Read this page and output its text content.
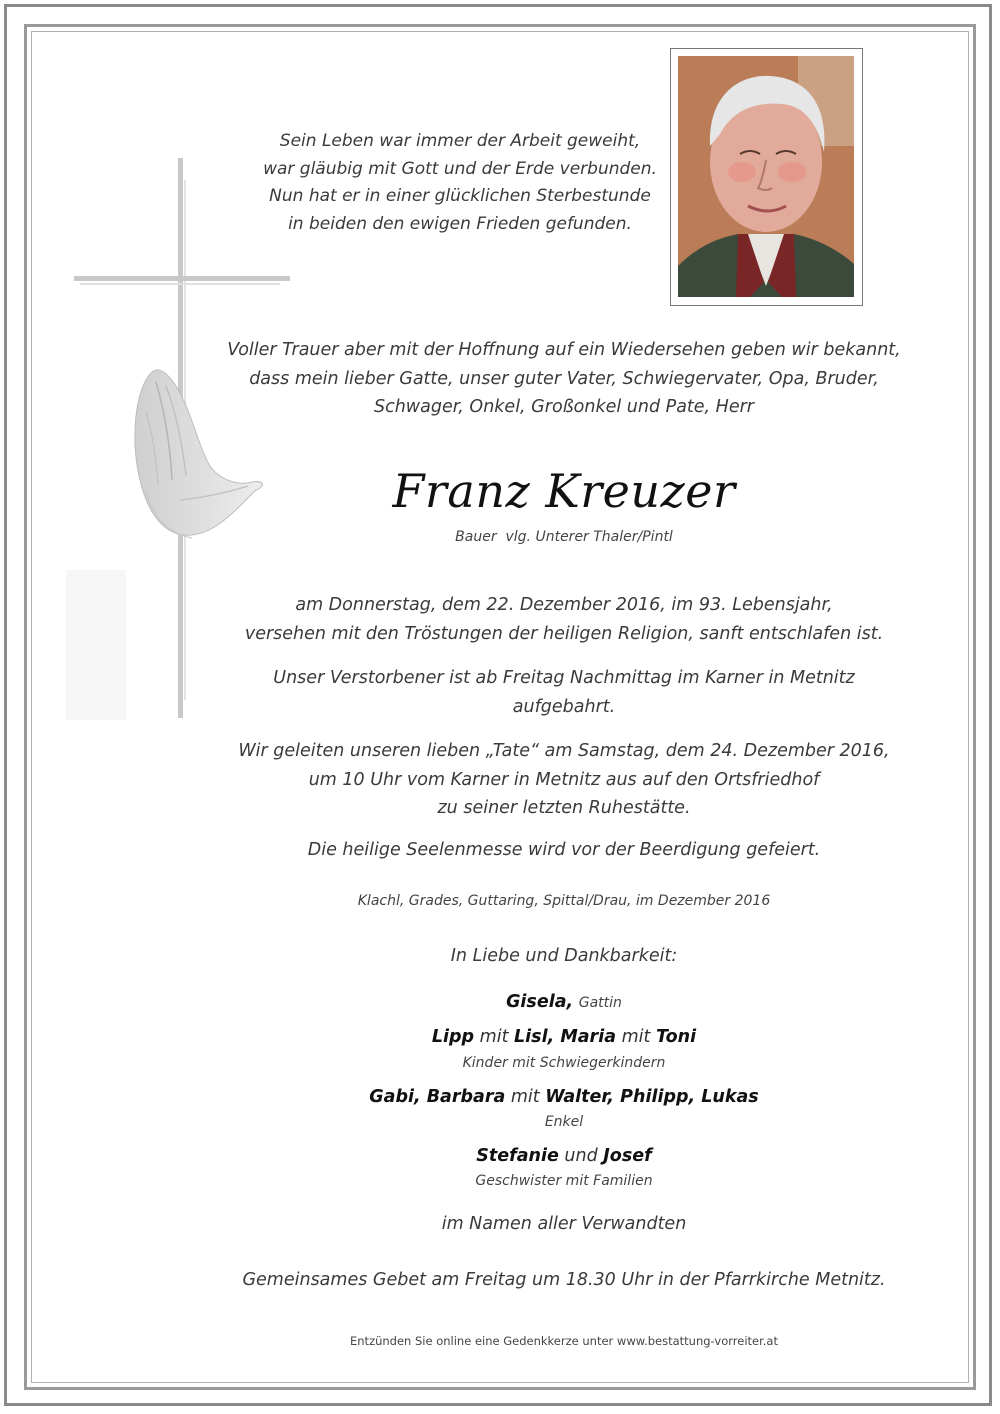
Sein Leben war immer der Arbeit geweiht,
war gläubig mit Gott und der Erde verbunden.
Nun hat er in einer glücklichen Sterbestunde
in beiden den ewigen Frieden gefunden.
Voller Trauer aber mit der Hoffnung auf ein Wiedersehen geben wir bekannt,
dass mein lieber Gatte, unser guter Vater, Schwiegervater, Opa, Bruder,
Schwager, Onkel, Großonkel und Pate, Herr
Franz Kreuzer
Bauer  vlg. Unterer Thaler/Pintl
am Donnerstag, dem 22. Dezember 2016, im 93. Lebensjahr,
versehen mit den Tröstungen der heiligen Religion, sanft entschlafen ist.
Unser Verstorbener ist ab Freitag Nachmittag im Karner in Metnitz
aufgebahrt.
Wir geleiten unseren lieben „Tate“ am Samstag, dem 24. Dezember 2016,
um 10 Uhr vom Karner in Metnitz aus auf den Ortsfriedhof
zu seiner letzten Ruhestätte.
Die heilige Seelenmesse wird vor der Beerdigung gefeiert.
Klachl, Grades, Guttaring, Spittal/Drau, im Dezember 2016
In Liebe und Dankbarkeit:
Gisela, Gattin
Lipp mit Lisl, Maria mit Toni
Kinder mit Schwiegerkindern
Gabi, Barbara mit Walter, Philipp, Lukas
Enkel
Stefanie und Josef
Geschwister mit Familien
im Namen aller Verwandten
Gemeinsames Gebet am Freitag um 18.30 Uhr in der Pfarrkirche Metnitz.
Entzünden Sie online eine Gedenkkerze unter www.bestattung-vorreiter.at
